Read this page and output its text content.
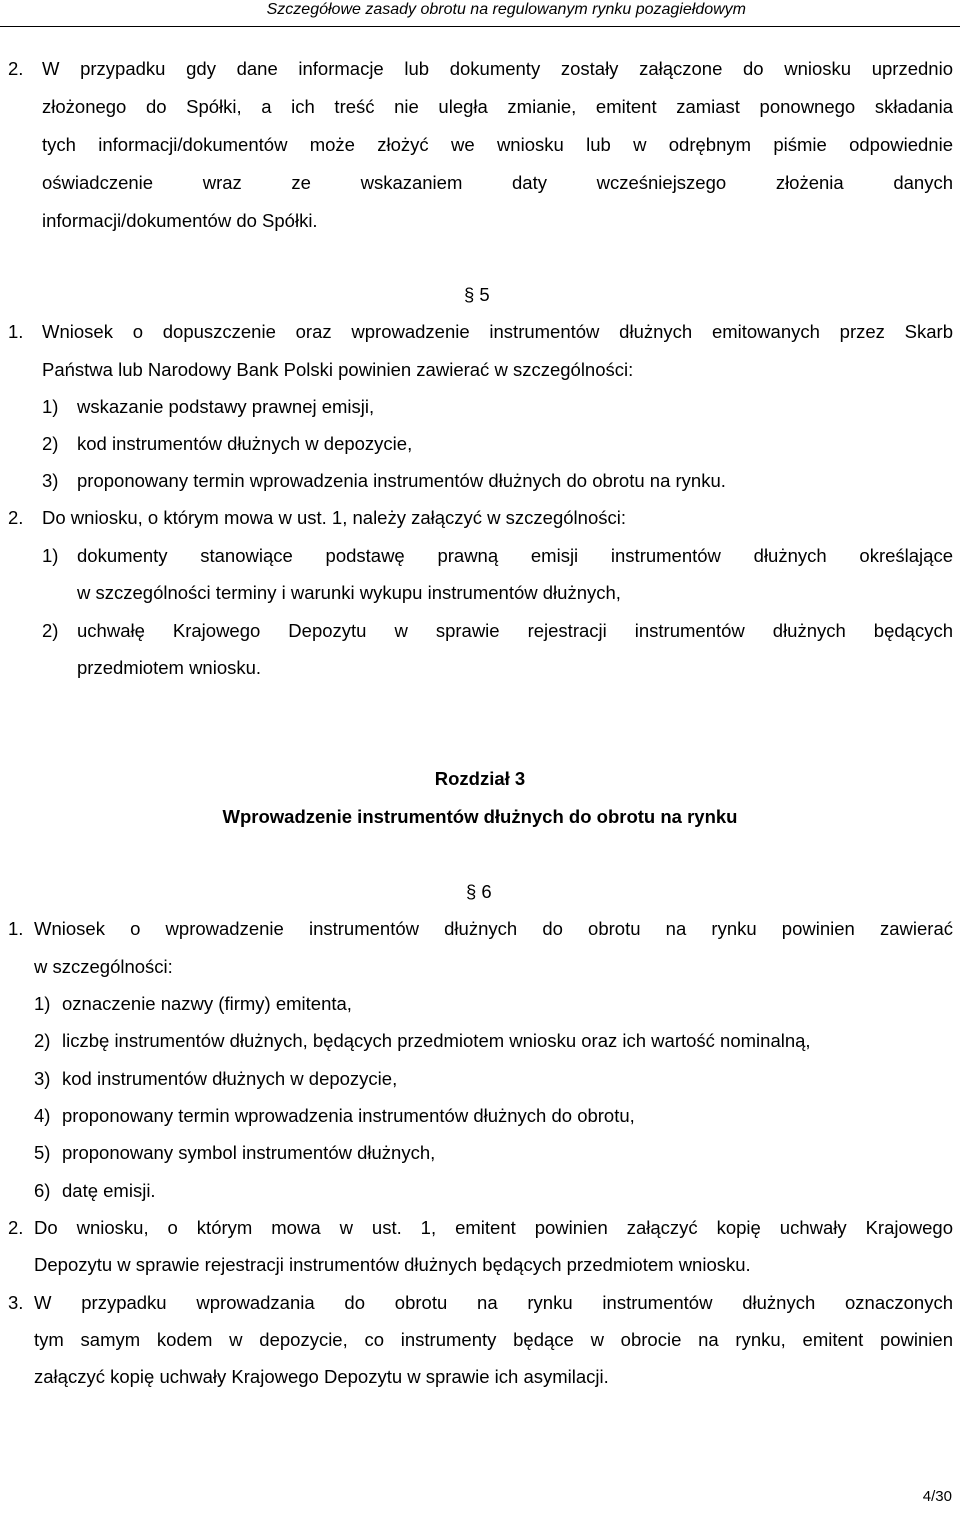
Szczegółowe zasady obrotu na regulowanym rynku pozagiełdowym
2. W przypadku gdy dane informacje lub dokumenty zostały załączone do wniosku uprzednio
złożonego do Spółki, a ich treść nie uległa zmianie, emitent zamiast ponownego składania
tych informacji/dokumentów może złożyć we wniosku lub w odrębnym piśmie odpowiednie
oświadczenie wraz ze wskazaniem daty wcześniejszego złożenia danych
informacji/dokumentów do Spółki.
§ 5
1. Wniosek o dopuszczenie oraz wprowadzenie instrumentów dłużnych emitowanych przez Skarb
Państwa lub Narodowy Bank Polski powinien zawierać w szczególności:
1) wskazanie podstawy prawnej emisji,
2) kod instrumentów dłużnych w depozycie,
3) proponowany termin wprowadzenia instrumentów dłużnych do obrotu na rynku.
2. Do wniosku, o którym mowa w ust. 1, należy załączyć w szczególności:
1) dokumenty stanowiące podstawę prawną emisji instrumentów dłużnych określające
w szczególności terminy i warunki wykupu instrumentów dłużnych,
2) uchwałę Krajowego Depozytu w sprawie rejestracji instrumentów dłużnych będących
przedmiotem wniosku.
Rozdział 3
Wprowadzenie instrumentów dłużnych do obrotu na rynku
§ 6
1. Wniosek o wprowadzenie instrumentów dłużnych do obrotu na rynku powinien zawierać
w szczególności:
1) oznaczenie nazwy (firmy) emitenta,
2) liczbę instrumentów dłużnych, będących przedmiotem wniosku oraz ich wartość nominalną,
3) kod instrumentów dłużnych w depozycie,
4) proponowany termin wprowadzenia instrumentów dłużnych do obrotu,
5) proponowany symbol instrumentów dłużnych,
6) datę emisji.
2. Do wniosku, o którym mowa w ust. 1, emitent powinien załączyć kopię uchwały Krajowego
Depozytu w sprawie rejestracji instrumentów dłużnych będących przedmiotem wniosku.
3. W przypadku wprowadzania do obrotu na rynku instrumentów dłużnych oznaczonych
tym samym kodem w depozycie, co instrumenty będące w obrocie na rynku, emitent powinien
załączyć kopię uchwały Krajowego Depozytu w sprawie ich asymilacji.
4/30
